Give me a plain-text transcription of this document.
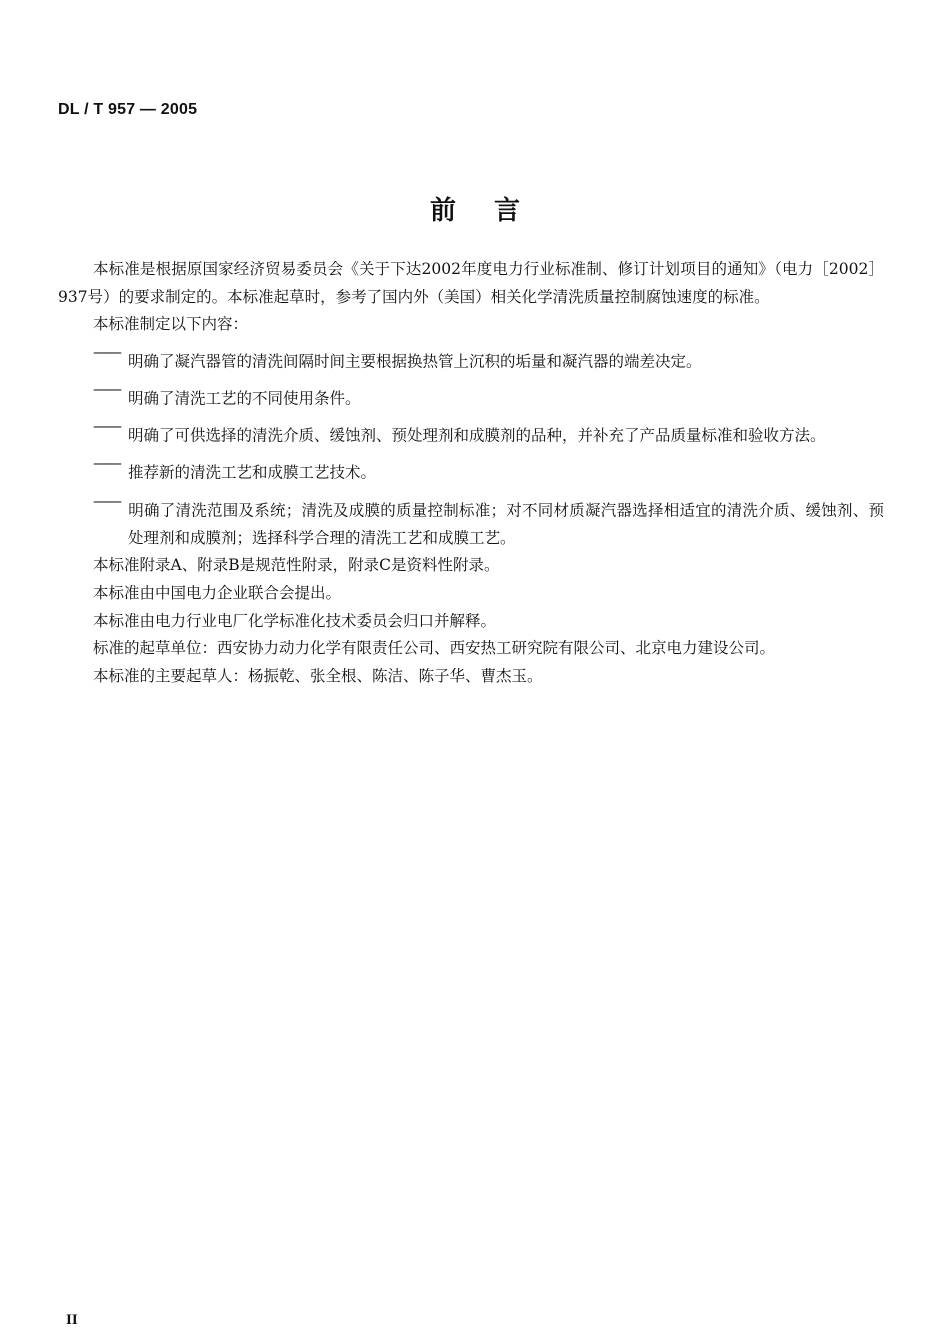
DL / T 957 — 2005
前言

本标准是根据原国家经济贸易委员会《关于下达2002年度电力行业标准制、修订计划项目的通知》（电力［2002］937号）的要求制定的。本标准起草时，参考了国内外（美国）相关化学清洗质量控制腐蚀速度的标准。

本标准制定以下内容：

——明确了凝汽器管的清洗间隔时间主要根据换热管上沉积的垢量和凝汽器的端差决定。

——明确了清洗工艺的不同使用条件。

——明确了可供选择的清洗介质、缓蚀剂、预处理剂和成膜剂的品种，并补充了产品质量标准和验收方法。

——推荐新的清洗工艺和成膜工艺技术。

——明确了清洗范围及系统；清洗及成膜的质量控制标准；对不同材质凝汽器选择相适宜的清洗介质、缓蚀剂、预处理剂和成膜剂；选择科学合理的清洗工艺和成膜工艺。

本标准附录A、附录B是规范性附录，附录C是资料性附录。

本标准由中国电力企业联合会提出。

本标准由电力行业电厂化学标准化技术委员会归口并解释。

标准的起草单位：西安协力动力化学有限责任公司、西安热工研究院有限公司、北京电力建设公司。

本标准的主要起草人：杨振乾、张全根、陈洁、陈子华、曹杰玉。

II
